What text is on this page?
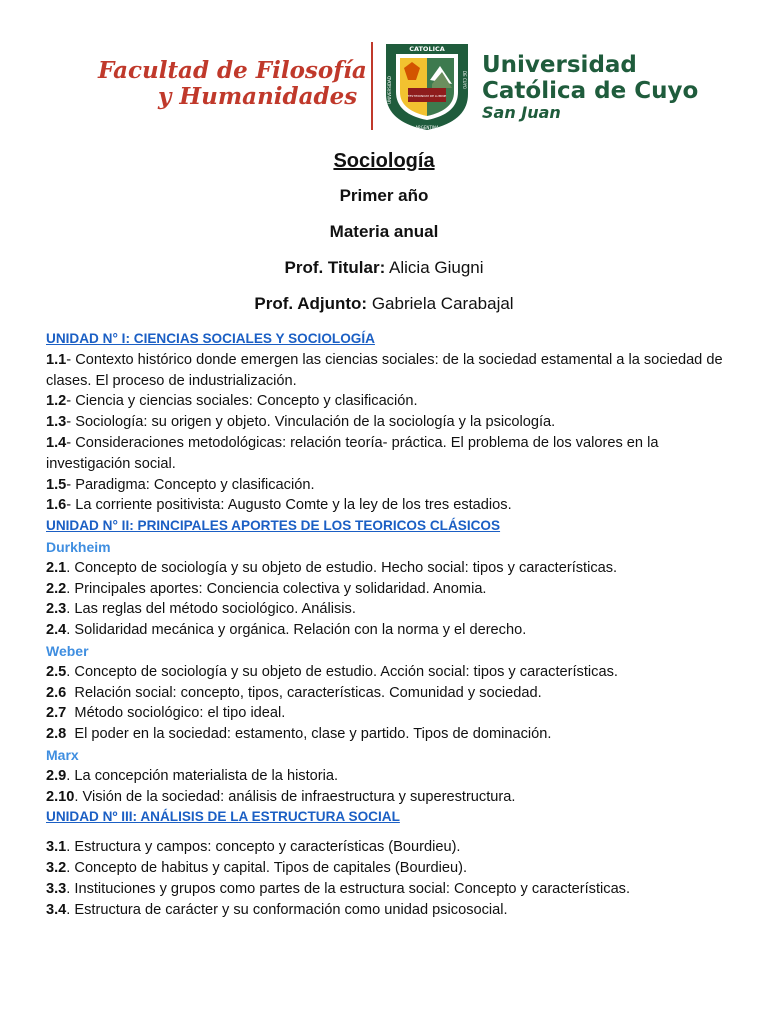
Facultad de Filosofía
y Humanidades
CATOLICA
ARGENTINA
TESTIMONIUM DE LUMINE
UNIVERSIDAD	DE CUYO
Universidad
Católica de Cuyo
San Juan
Sociología
Primer año
Materia anual
Prof. Titular: Alicia Giugni
Prof. Adjunto: Gabriela Carabajal
UNIDAD N° I: CIENCIAS SOCIALES Y SOCIOLOGÍA
1.1- Contexto histórico donde emergen las ciencias sociales: de la sociedad estamental a la sociedad de clases. El proceso de industrialización.
1.2- Ciencia y ciencias sociales: Concepto y clasificación.
1.3- Sociología: su origen y objeto. Vinculación de la sociología y la psicología.
1.4- Consideraciones metodológicas: relación teoría- práctica. El problema de los valores en la investigación social.
1.5- Paradigma: Concepto y clasificación.
1.6- La corriente positivista: Augusto Comte y la ley de los tres estadios.
UNIDAD N° II: PRINCIPALES APORTES DE LOS TEORICOS CLÁSICOS
Durkheim
2.1. Concepto de sociología y su objeto de estudio. Hecho social: tipos y características.
2.2. Principales aportes: Conciencia colectiva y solidaridad. Anomia.
2.3. Las reglas del método sociológico. Análisis.
2.4. Solidaridad mecánica y orgánica. Relación con la norma y el derecho.
Weber
2.5. Concepto de sociología y su objeto de estudio. Acción social: tipos y características.
2.6  Relación social: concepto, tipos, características. Comunidad y sociedad.
2.7  Método sociológico: el tipo ideal.
2.8  El poder en la sociedad: estamento, clase y partido. Tipos de dominación.
Marx
2.9. La concepción materialista de la historia.
2.10. Visión de la sociedad: análisis de infraestructura y superestructura.
UNIDAD Nº III: ANÁLISIS DE LA ESTRUCTURA SOCIAL
3.1. Estructura y campos: concepto y características (Bourdieu).
3.2. Concepto de habitus y capital. Tipos de capitales (Bourdieu).
3.3. Instituciones y grupos como partes de la estructura social: Concepto y características.
3.4. Estructura de carácter y su conformación como unidad psicosocial.
